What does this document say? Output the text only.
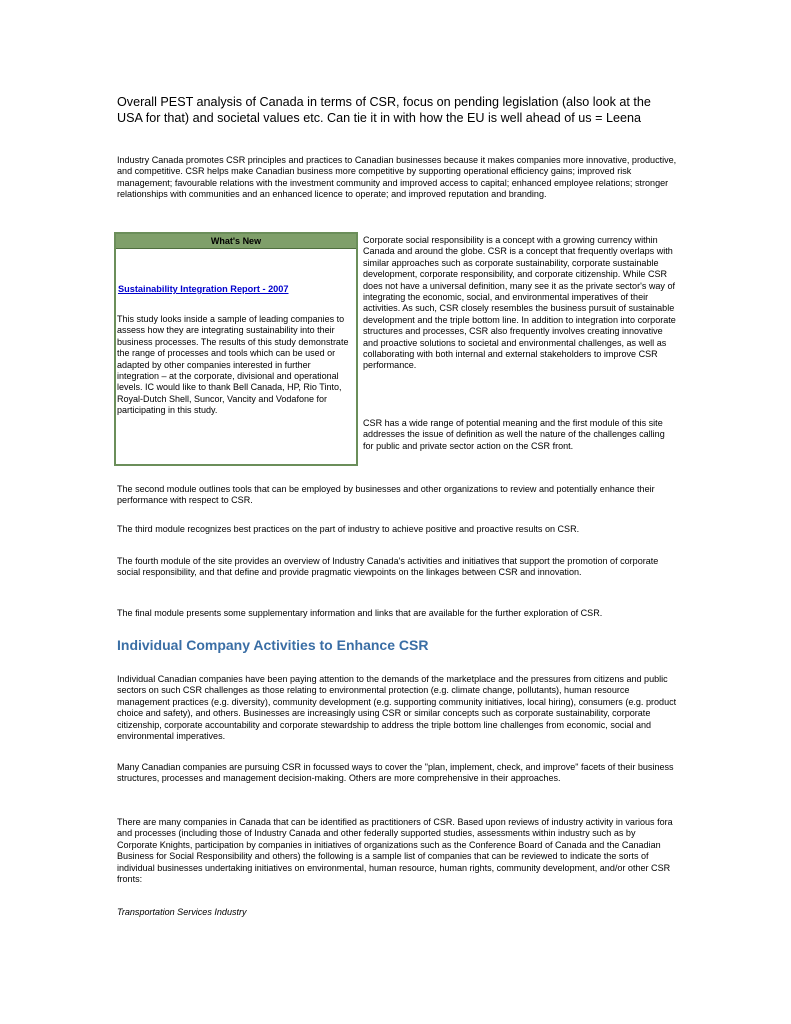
Overall PEST analysis of Canada in terms of CSR, focus on pending legislation (also look at the USA for that) and societal values etc. Can tie it in with how the EU is well ahead of us = Leena

Industry Canada promotes CSR principles and practices to Canadian businesses because it makes companies more innovative, productive, and competitive. CSR helps make Canadian business more competitive by supporting operational efficiency gains; improved risk management; favourable relations with the investment community and improved access to capital; enhanced employee relations; stronger relationships with communities and an enhanced licence to operate; and improved reputation and branding.

What's New
Sustainability Integration Report - 2007

This study looks inside a sample of leading companies to assess how they are integrating sustainability into their business processes. The results of this study demonstrate the range of processes and tools which can be used or adapted by other companies interested in further integration – at the corporate, divisional and operational levels. IC would like to thank Bell Canada, HP, Rio Tinto, Royal-Dutch Shell, Suncor, Vancity and Vodafone for participating in this study.

Corporate social responsibility is a concept with a growing currency within Canada and around the globe. CSR is a concept that frequently overlaps with similar approaches such as corporate sustainability, corporate sustainable development, corporate responsibility, and corporate citizenship. While CSR does not have a universal definition, many see it as the private sector's way of integrating the economic, social, and environmental imperatives of their activities. As such, CSR closely resembles the business pursuit of sustainable development and the triple bottom line. In addition to integration into corporate structures and processes, CSR also frequently involves creating innovative and proactive solutions to societal and environmental challenges, as well as collaborating with both internal and external stakeholders to improve CSR performance.

CSR has a wide range of potential meaning and the first module of this site addresses the issue of definition as well the nature of the challenges calling for public and private sector action on the CSR front.

The second module outlines tools that can be employed by businesses and other organizations to review and potentially enhance their performance with respect to CSR.

The third module recognizes best practices on the part of industry to achieve positive and proactive results on CSR.

The fourth module of the site provides an overview of Industry Canada's activities and initiatives that support the promotion of corporate social responsibility, and that define and provide pragmatic viewpoints on the linkages between CSR and innovation.

The final module presents some supplementary information and links that are available for the further exploration of CSR.

Individual Company Activities to Enhance CSR

Individual Canadian companies have been paying attention to the demands of the marketplace and the pressures from citizens and public sectors on such CSR challenges as those relating to environmental protection (e.g. climate change, pollutants), human resource management practices (e.g. diversity), community development (e.g. supporting community initiatives, local hiring), consumers (e.g. product choice and safety), and others. Businesses are increasingly using CSR or similar concepts such as corporate sustainability, corporate citizenship, corporate accountability and corporate stewardship to address the triple bottom line challenges from economic, social and environmental imperatives.

Many Canadian companies are pursuing CSR in focussed ways to cover the "plan, implement, check, and improve" facets of their business structures, processes and management decision-making. Others are more comprehensive in their approaches.

There are many companies in Canada that can be identified as practitioners of CSR. Based upon reviews of industry activity in various fora and processes (including those of Industry Canada and other federally supported studies, assessments within industry such as by Corporate Knights, participation by companies in initiatives of organizations such as the Conference Board of Canada and the Canadian Business for Social Responsibility and others) the following is a sample list of companies that can be reviewed to indicate the sorts of individual businesses undertaking initiatives on environmental, human resource, human rights, community development, and/or other CSR fronts:

Transportation Services Industry
